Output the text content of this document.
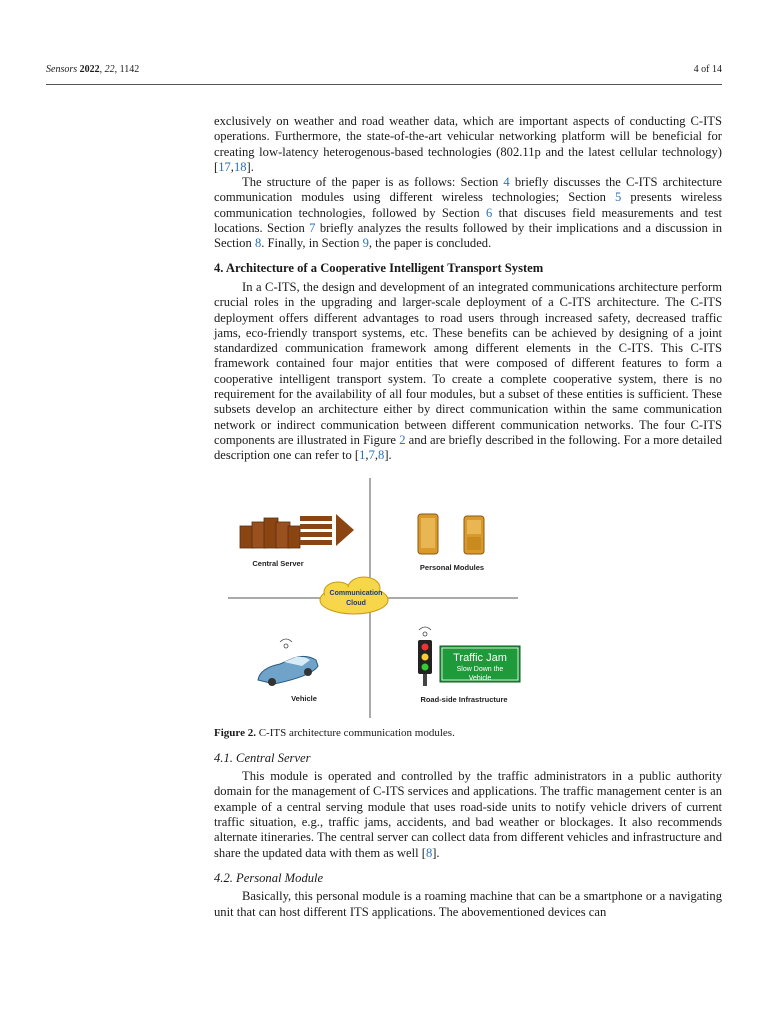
Sensors 2022, 22, 1142	4 of 14

exclusively on weather and road weather data, which are important aspects of conducting C-ITS operations. Furthermore, the state-of-the-art vehicular networking platform will be beneficial for creating low-latency heterogenous-based technologies (802.11p and the latest cellular technology) [17,18].

The structure of the paper is as follows: Section 4 briefly discusses the C-ITS architecture communication modules using different wireless technologies; Section 5 presents wireless communication technologies, followed by Section 6 that discuses field measurements and test locations. Section 7 briefly analyzes the results followed by their implications and a discussion in Section 8. Finally, in Section 9, the paper is concluded.

4. Architecture of a Cooperative Intelligent Transport System

In a C-ITS, the design and development of an integrated communications architecture perform crucial roles in the upgrading and larger-scale deployment of a C-ITS architecture. The C-ITS deployment offers different advantages to road users through increased safety, decreased traffic jams, eco-friendly transport systems, etc. These benefits can be achieved by designing of a joint standardized communication framework among different elements in the C-ITS. This C-ITS framework contained four major entities that were composed of different features to form a cooperative intelligent transport system. To create a complete cooperative system, there is no requirement for the availability of all four modules, but a subset of these entities is sufficient. These subsets develop an architecture either by direct communication within the same communication network or indirect communication between different communication networks. The four C-ITS components are illustrated in Figure 2 and are briefly described in the following. For a more detailed description one can refer to [1,7,8].

Central Server	Personal Modules
Communication
Cloud
Vehicle
Traffic Jam
Slow Down the
Vehicle
Road-side Infrastructure

Figure 2. C-ITS architecture communication modules.

4.1. Central Server

This module is operated and controlled by the traffic administrators in a public authority domain for the management of C-ITS services and applications. The traffic management center is an example of a central serving module that uses road-side units to notify vehicle drivers of current traffic situation, e.g., traffic jams, accidents, and bad weather or blockages. It also recommends alternate itineraries. The central server can collect data from different vehicles and infrastructure and share the updated data with them as well [8].

4.2. Personal Module

Basically, this personal module is a roaming machine that can be a smartphone or a navigating unit that can host different ITS applications. The abovementioned devices can
